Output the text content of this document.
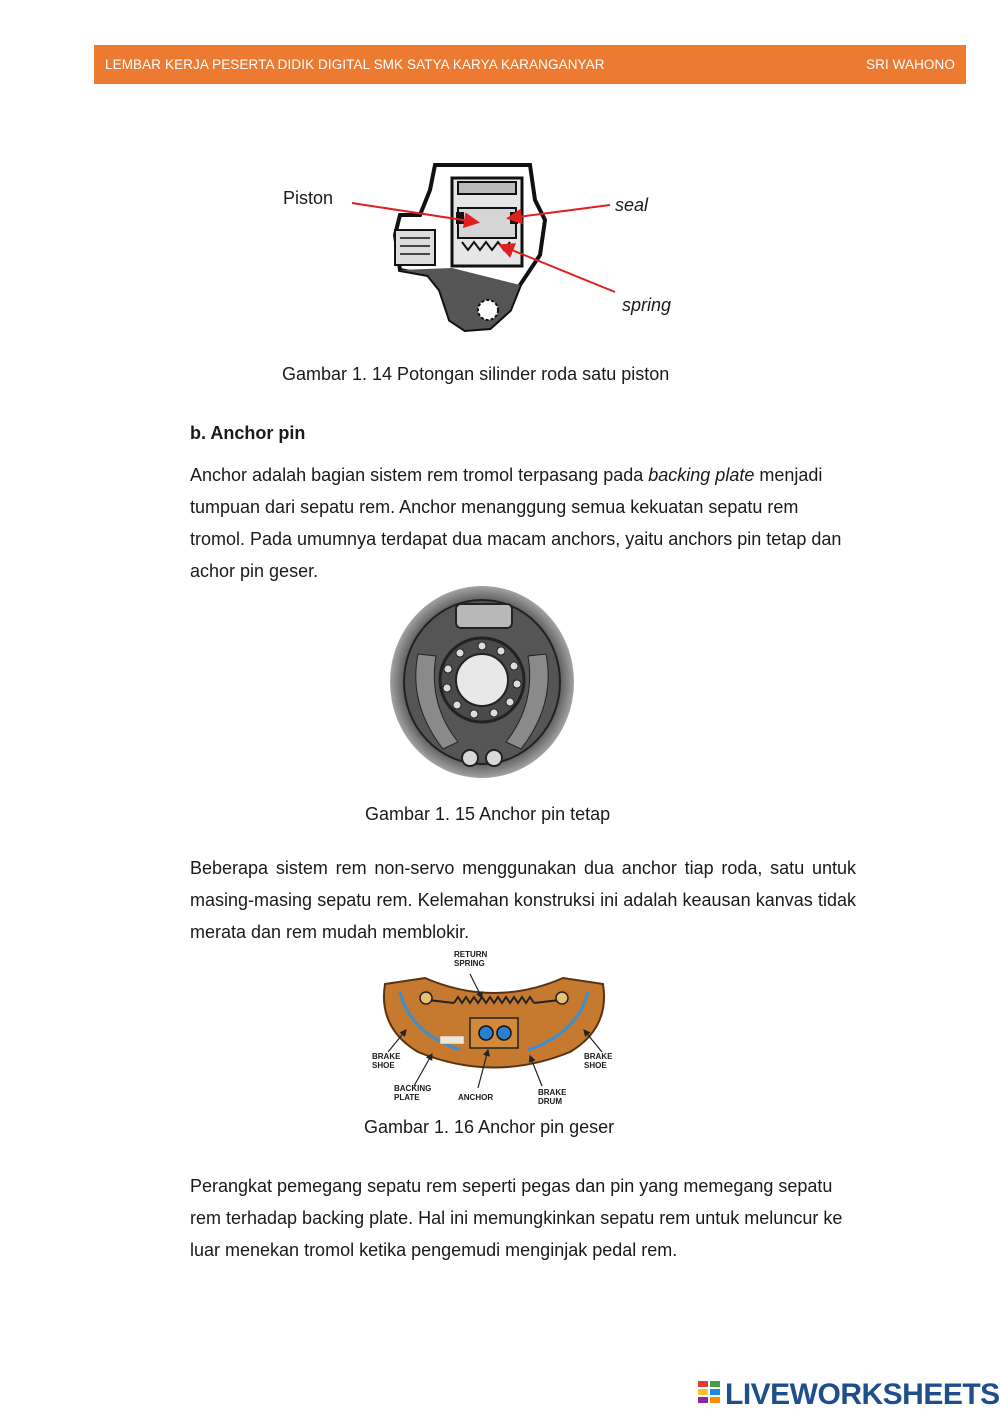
LEMBAR KERJA PESERTA DIDIK DIGITAL SMK SATYA KARYA KARANGANYAR	SRI WAHONO
Piston	seal
spring
Gambar 1. 14 Potongan silinder roda satu piston
b. Anchor pin
Anchor adalah bagian sistem rem tromol terpasang pada backing plate menjadi tumpuan dari sepatu rem. Anchor menanggung semua kekuatan sepatu rem tromol. Pada umumnya terdapat dua macam anchors, yaitu anchors pin tetap dan achor pin geser.
Gambar 1. 15 Anchor pin tetap
Beberapa sistem rem non-servo menggunakan dua anchor tiap roda, satu untuk masing-masing sepatu rem. Kelemahan konstruksi ini adalah keausan kanvas tidak merata dan rem mudah memblokir.
RETURN SPRING
BRAKE SHOE
BRAKE SHOE
BACKING PLATE	ANCHOR
BRAKE DRUM
Gambar 1. 16 Anchor pin geser
Perangkat pemegang sepatu rem seperti pegas dan pin yang memegang sepatu rem terhadap backing plate. Hal ini memungkinkan sepatu rem untuk meluncur ke luar menekan tromol ketika pengemudi menginjak pedal rem.
LIVEWORKSHEETS
